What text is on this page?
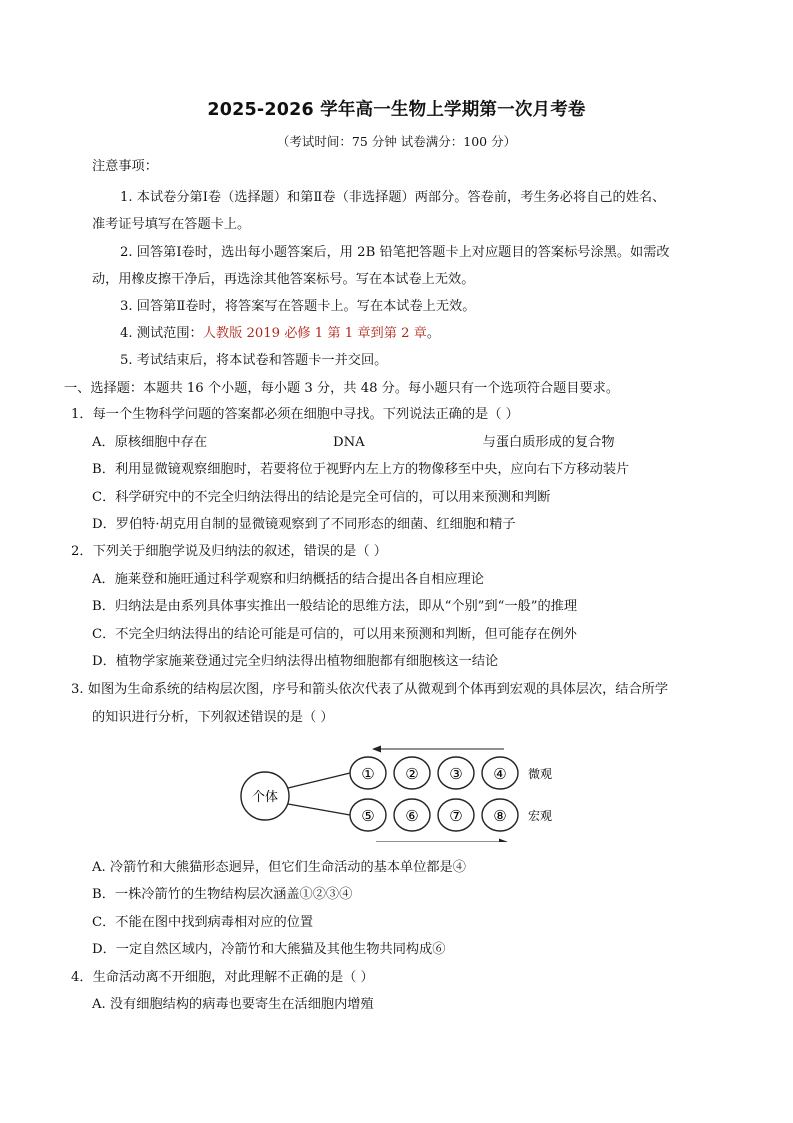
2025-2026 学年高一生物上学期第一次月考卷
（考试时间：75 分钟 试卷满分：100 分）
注意事项：
1. 本试卷分第Ⅰ卷（选择题）和第Ⅱ卷（非选择题）两部分。答卷前，考生务必将自己的姓名、
准考证号填写在答题卡上。
2. 回答第Ⅰ卷时，选出每小题答案后，用 2B 铅笔把答题卡上对应题目的答案标号涂黑。如需改
动，用橡皮擦干净后，再选涂其他答案标号。写在本试卷上无效。
3. 回答第Ⅱ卷时，将答案写在答题卡上。写在本试卷上无效。
4. 测试范围：人教版 2019 必修 1 第 1 章到第 2 章。
5. 考试结束后，将本试卷和答题卡一并交回。
一、选择题：本题共 16 个小题，每小题 3 分，共 48 分。每小题只有一个选项符合题目要求。
1．每一个生物科学问题的答案都必须在细胞中寻找。下列说法正确的是（ ）
A．原核细胞中存在	DNA	与蛋白质形成的复合物
B．利用显微镜观察细胞时，若要将位于视野内左上方的物像移至中央，应向右下方移动装片
C．科学研究中的不完全归纳法得出的结论是完全可信的，可以用来预测和判断
D．罗伯特·胡克用自制的显微镜观察到了不同形态的细菌、红细胞和精子
2．下列关于细胞学说及归纳法的叙述，错误的是（ ）
A．施莱登和施旺通过科学观察和归纳概括的结合提出各自相应理论
B．归纳法是由系列具体事实推出一般结论的思维方法，即从“个别”到“一般”的推理
C．不完全归纳法得出的结论可能是可信的，可以用来预测和判断，但可能存在例外
D．植物学家施莱登通过完全归纳法得出植物细胞都有细胞核这一结论
3. 如图为生命系统的结构层次图，序号和箭头依次代表了从微观到个体再到宏观的具体层次，结合所学
的知识进行分析，下列叙述错误的是（ ）
个体
① ② ③ ④ 微观
⑤ ⑥ ⑦ ⑧ 宏观
A. 冷箭竹和大熊猫形态迥异，但它们生命活动的基本单位都是④
B．一株冷箭竹的生物结构层次涵盖①②③④
C．不能在图中找到病毒相对应的位置
D．一定自然区域内，冷箭竹和大熊猫及其他生物共同构成⑥
4．生命活动离不开细胞，对此理解不正确的是（ ）
A. 没有细胞结构的病毒也要寄生在活细胞内增殖
